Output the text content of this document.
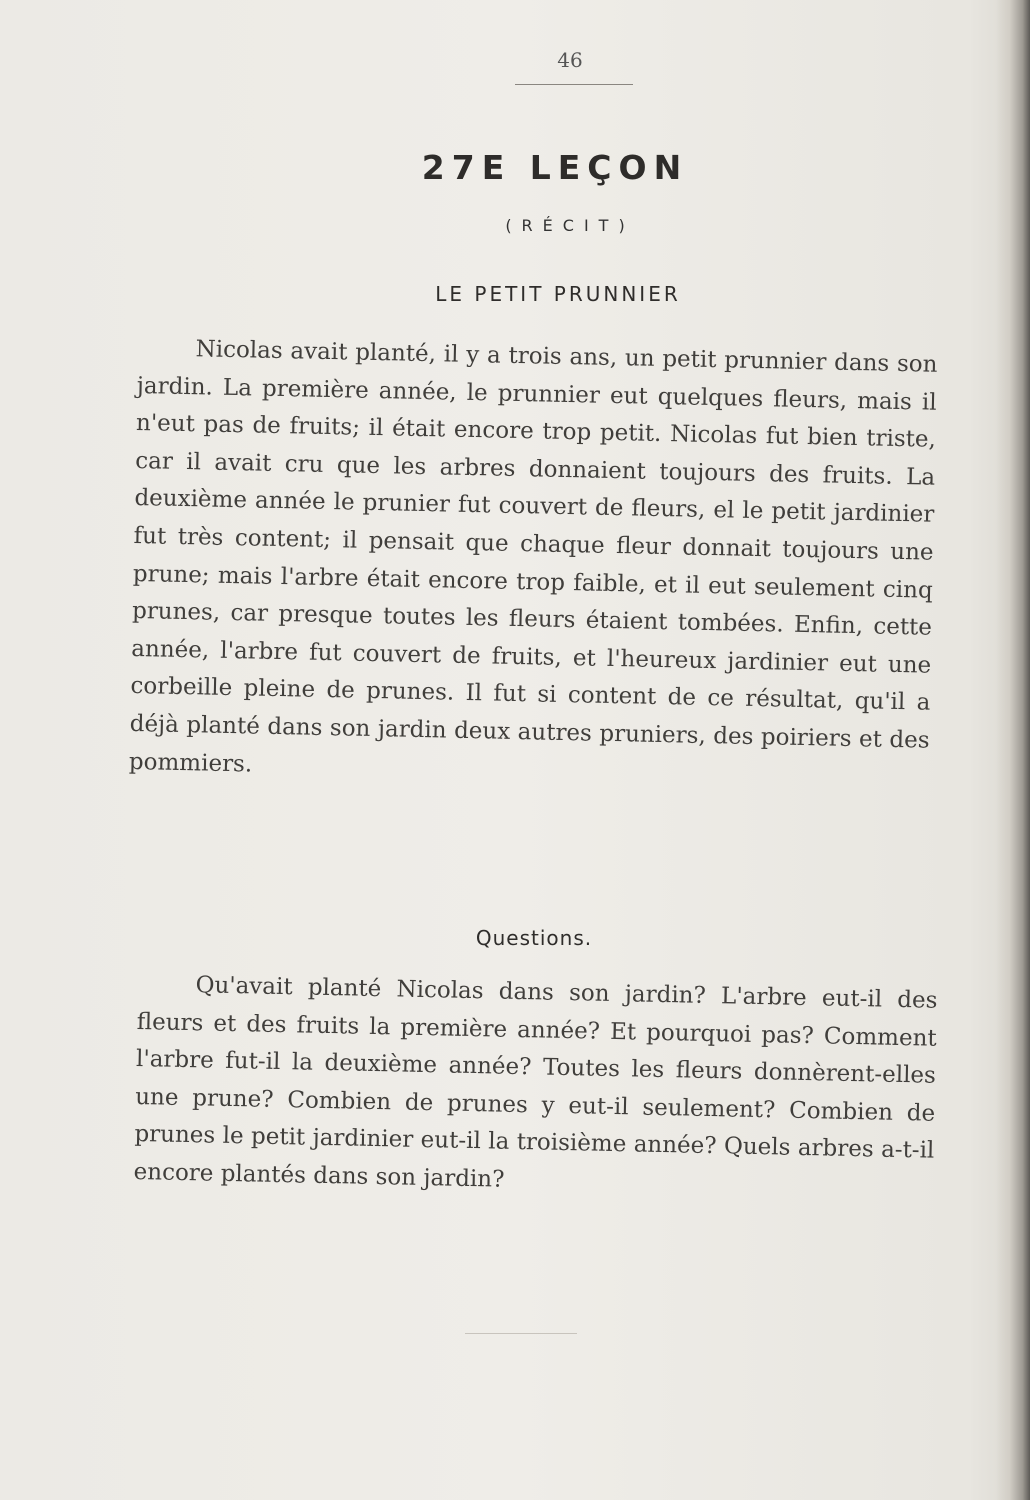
46
27E LEÇON
(RÉCIT)
LE PETIT PRUNNIER
Nicolas avait planté, il y a trois ans, un petit prunnier dans son jardin. La première année, le prunnier eut quelques fleurs, mais il n'eut pas de fruits; il était encore trop petit. Nicolas fut bien triste, car il avait cru que les arbres donnaient toujours des fruits. La deuxième année le prunier fut couvert de fleurs, el le petit jardinier fut très content; il pensait que chaque fleur donnait toujours une prune; mais l'arbre était encore trop faible, et il eut seulement cinq prunes, car presque toutes les fleurs étaient tombées. Enfin, cette année, l'arbre fut couvert de fruits, et l'heureux jardinier eut une corbeille pleine de prunes. Il fut si content de ce résultat, qu'il a déjà planté dans son jardin deux autres pruniers, des poiriers et des pommiers.
Questions.
Qu'avait planté Nicolas dans son jardin? L'arbre eut-il des fleurs et des fruits la première année? Et pourquoi pas? Comment l'arbre fut-il la deuxième année? Toutes les fleurs donnèrent-elles une prune? Combien de prunes y eut-il seulement? Combien de prunes le petit jardinier eut-il la troisième année? Quels arbres a-t-il encore plantés dans son jardin?
